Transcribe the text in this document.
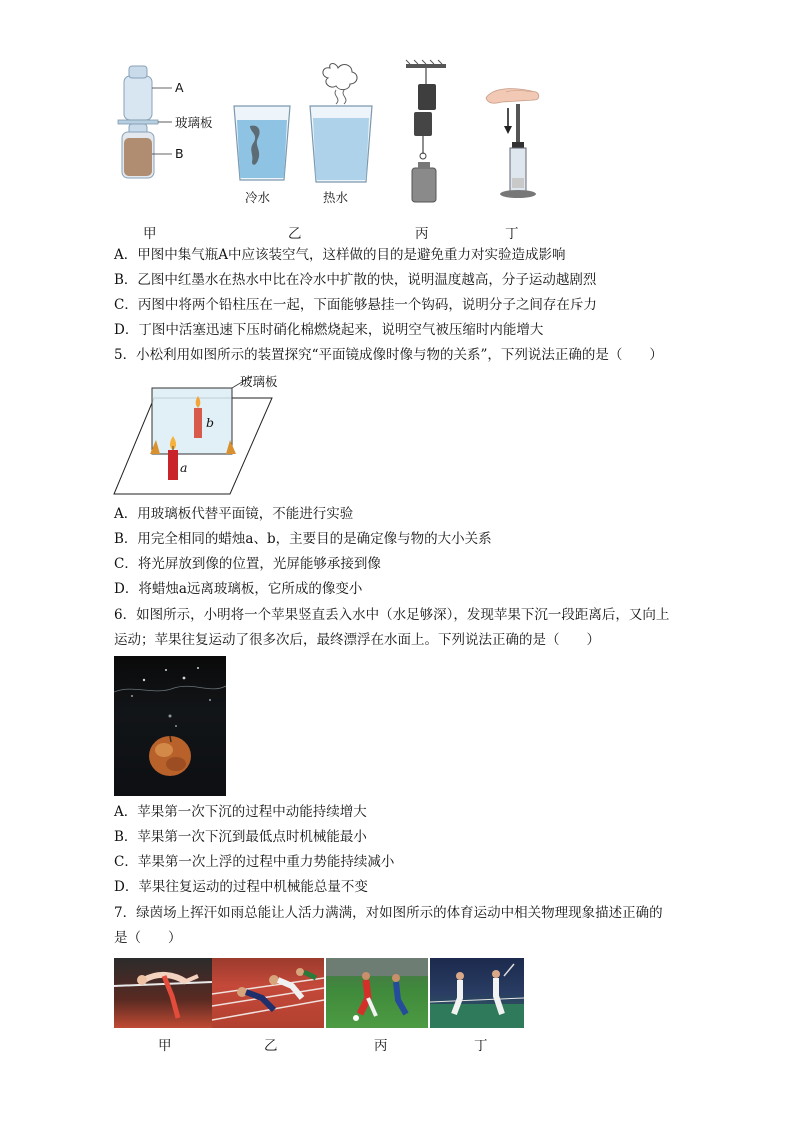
A
玻璃板
B
冷水	热水
甲	乙	丙	丁
A．甲图中集气瓶A中应该装空气，这样做的目的是避免重力对实验造成影响
B．乙图中红墨水在热水中比在冷水中扩散的快，说明温度越高，分子运动越剧烈
C．丙图中将两个铅柱压在一起，下面能够悬挂一个钩码，说明分子之间存在斥力
D．丁图中活塞迅速下压时硝化棉燃烧起来，说明空气被压缩时内能增大
5．小松利用如图所示的装置探究“平面镜成像时像与物的关系”，下列说法正确的是（　　）
玻璃板
b
a
A．用玻璃板代替平面镜，不能进行实验
B．用完全相同的蜡烛a、b，主要目的是确定像与物的大小关系
C．将光屏放到像的位置，光屏能够承接到像
D．将蜡烛a远离玻璃板，它所成的像变小
6．如图所示，小明将一个苹果竖直丢入水中（水足够深），发现苹果下沉一段距离后，又向上
运动；苹果往复运动了很多次后，最终漂浮在水面上。下列说法正确的是（　　）
A．苹果第一次下沉的过程中动能持续增大
B．苹果第一次下沉到最低点时机械能最小
C．苹果第一次上浮的过程中重力势能持续减小
D．苹果往复运动的过程中机械能总量不变
7．绿茵场上挥汗如雨总能让人活力满满，对如图所示的体育运动中相关物理现象描述正确的
是（　　）
甲	乙	丙	丁
